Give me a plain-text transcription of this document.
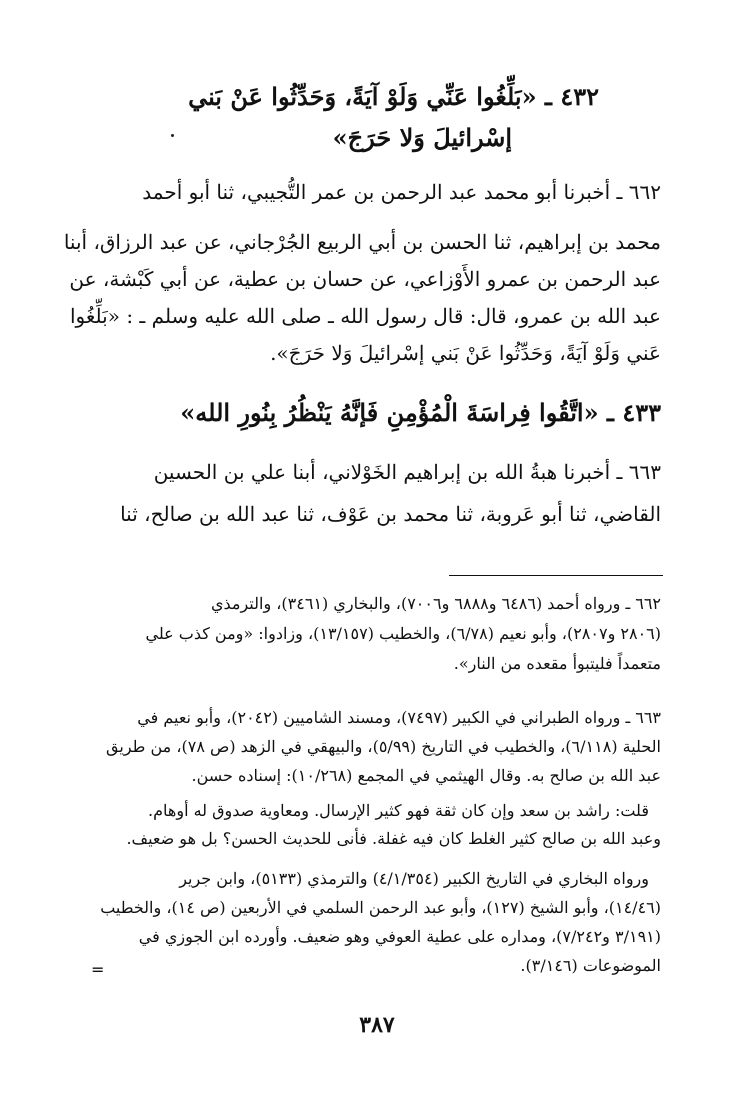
٤٣٢ ـ «بَلِّغُوا عَنِّي وَلَوْ آيَةً، وَحَدِّثُوا عَنْ بَني
إسْرائيلَ وَلا حَرَجَ»
٦٦٢ ـ أخبرنا أبو محمد عبد الرحمن بن عمر التُّجيبي، ثنا أبو أحمد
محمد بن إبراهيم، ثنا الحسن بن أبي الربيع الجُرْجاني، عن عبد الرزاق، أبنا
عبد الرحمن بن عمرو الأَوْزاعي، عن حسان بن عطية، عن أبي كَبْشة، عن
عبد الله بن عمرو، قال: قال رسول الله ـ صلى الله عليه وسلم ـ : «بَلِّغُوا
عَني وَلَوْ آيَةً، وَحَدِّثُوا عَنْ بَني إسْرائيلَ وَلا حَرَجَ».
٤٣٣ ـ «اتَّقُوا فِراسَةَ الْمُؤْمِنِ فَإنَّهُ يَنْظُرُ بِنُورِ الله»
٦٦٣ ـ أخبرنا هبةُ الله بن إبراهيم الخَوْلاني، أبنا علي بن الحسين
القاضي، ثنا أبو عَروبة، ثنا محمد بن عَوْف، ثنا عبد الله بن صالح، ثنا
٦٦٢ ـ ورواه أحمد (٦٤٨٦ و٦٨٨٨ و٧٠٠٦)، والبخاري (٣٤٦١)، والترمذي
(٢٨٠٦ و٢٨٠٧)، وأبو نعيم (٦/٧٨)، والخطيب (١٣/١٥٧)، وزادوا: «ومن كذب علي
متعمداً فليتبوأ مقعده من النار».
٦٦٣ ـ ورواه الطبراني في الكبير (٧٤٩٧)، ومسند الشاميين (٢٠٤٢)، وأبو نعيم في
الحلية (٦/١١٨)، والخطيب في التاريخ (٥/٩٩)، والبيهقي في الزهد (ص ٧٨)، من طريق
عبد الله بن صالح به. وقال الهيثمي في المجمع (١٠/٢٦٨): إسناده حسن.
قلت: راشد بن سعد وإن كان ثقة فهو كثير الإرسال. ومعاوية صدوق له أوهام.
وعبد الله بن صالح كثير الغلط كان فيه غفلة. فأنى للحديث الحسن؟ بل هو ضعيف.
ورواه البخاري في التاريخ الكبير (٤/١/٣٥٤) والترمذي (٥١٣٣)، وابن جرير
(١٤/٤٦)، وأبو الشيخ (١٢٧)، وأبو عبد الرحمن السلمي في الأربعين (ص ١٤)، والخطيب
(٣/١٩١ و٧/٢٤٢)، ومداره على عطية العوفي وهو ضعيف. وأورده ابن الجوزي في
الموضوعات (٣/١٤٦).
=
٣٨٧
